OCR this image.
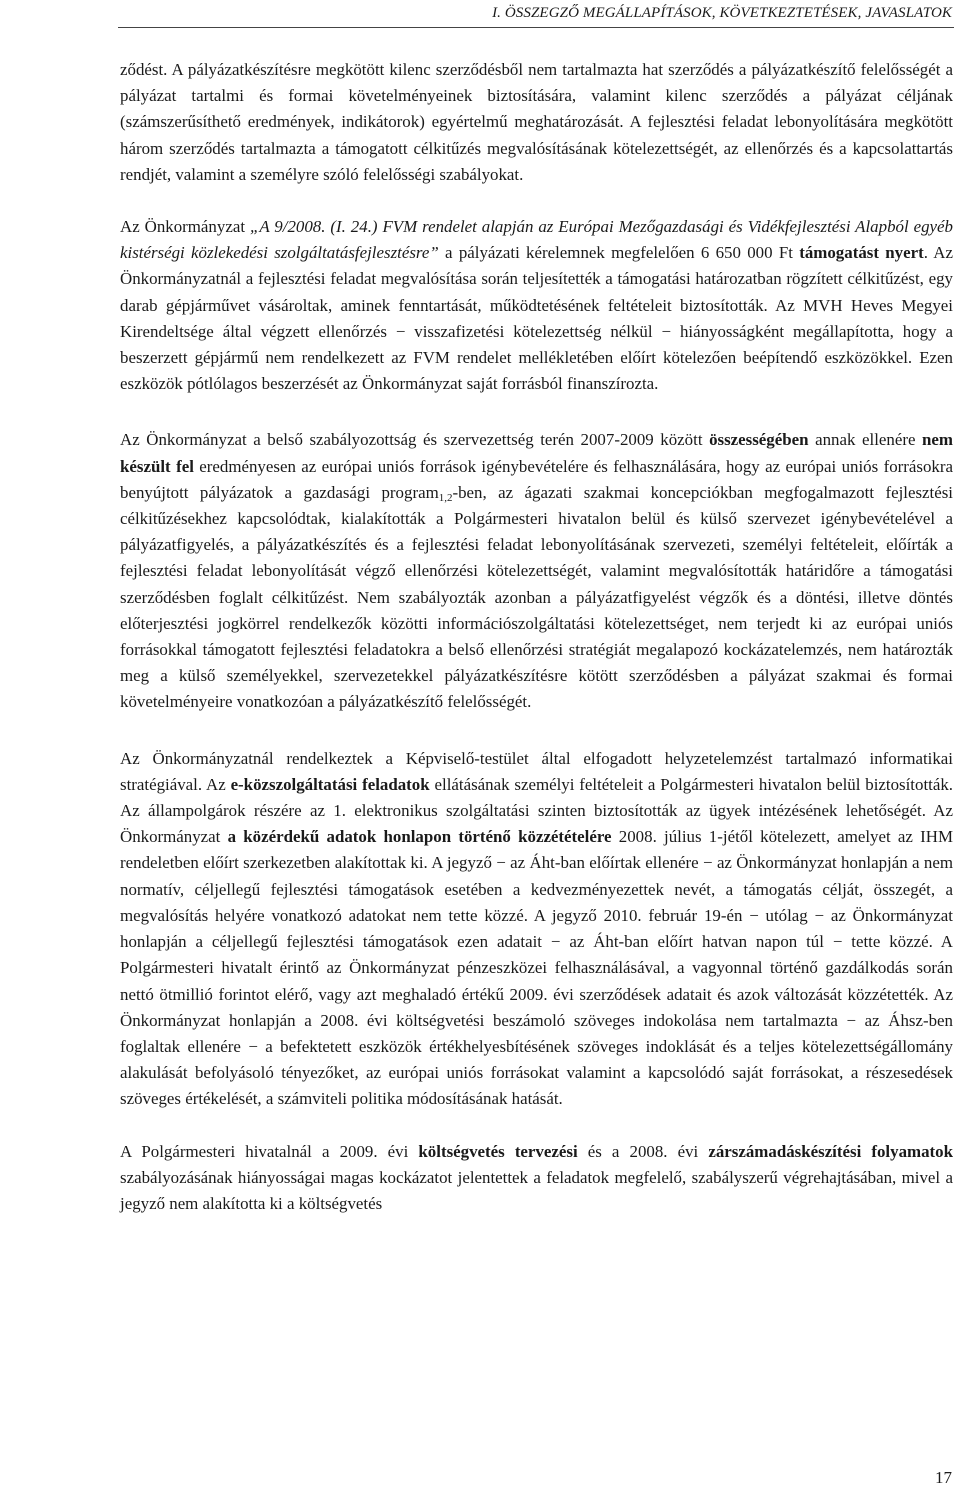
I. ÖSSZEGZŐ MEGÁLLAPÍTÁSOK, KÖVETKEZTETÉSEK, JAVASLATOK

ződést. A pályázatkészítésre megkötött kilenc szerződésből nem tartalmazta hat szerződés a pályázatkészítő felelősségét a pályázat tartalmi és formai követelményeinek biztosítására, valamint kilenc szerződés a pályázat céljának (számszerűsíthető eredmények, indikátorok) egyértelmű meghatározását. A fejlesztési feladat lebonyolítására megkötött három szerződés tartalmazta a támogatott célkitűzés megvalósításának kötelezettségét, az ellenőrzés és a kapcsolattartás rendjét, valamint a személyre szóló felelősségi szabályokat.

Az Önkormányzat „A 9/2008. (I. 24.) FVM rendelet alapján az Európai Mezőgazdasági és Vidékfejlesztési Alapból egyéb kistérségi közlekedési szolgáltatásfejlesztésre” a pályázati kérelemnek megfelelően 6 650 000 Ft támogatást nyert. Az Önkormányzatnál a fejlesztési feladat megvalósítása során teljesítették a támogatási határozatban rögzített célkitűzést, egy darab gépjárművet vásároltak, aminek fenntartását, működtetésének feltételeit biztosították. Az MVH Heves Megyei Kirendeltsége által végzett ellenőrzés − visszafizetési kötelezettség nélkül − hiányosságként megállapította, hogy a beszerzett gépjármű nem rendelkezett az FVM rendelet mellékletében előírt kötelezően beépítendő eszközökkel. Ezen eszközök pótlólagos beszerzését az Önkormányzat saját forrásból finanszírozta.

Az Önkormányzat a belső szabályozottság és szervezettség terén 2007-2009 között összességében annak ellenére nem készült fel eredményesen az európai uniós források igénybevételére és felhasználására, hogy az európai uniós forrásokra benyújtott pályázatok a gazdasági program$_{1,2}$-ben, az ágazati szakmai koncepciókban megfogalmazott fejlesztési célkitűzésekhez kapcsolódtak, kialakították a Polgármesteri hivatalon belül és külső szervezet igénybevételével a pályázatfigyelés, a pályázatkészítés és a fejlesztési feladat lebonyolításának szervezeti, személyi feltételeit, előírták a fejlesztési feladat lebonyolítását végző ellenőrzési kötelezettségét, valamint megvalósították határidőre a támogatási szerződésben foglalt célkitűzést. Nem szabályozták azonban a pályázatfigyelést végzők és a döntési, illetve döntés előterjesztési jogkörrel rendelkezők közötti információszolgáltatási kötelezettséget, nem terjedt ki az európai uniós forrásokkal támogatott fejlesztési feladatokra a belső ellenőrzési stratégiát megalapozó kockázatelemzés, nem határozták meg a külső személyekkel, szervezetekkel pályázatkészítésre kötött szerződésben a pályázat szakmai és formai követelményeire vonatkozóan a pályázatkészítő felelősségét.

Az Önkormányzatnál rendelkeztek a Képviselő-testület által elfogadott helyzetelemzést tartalmazó informatikai stratégiával. Az e-közszolgáltatási feladatok ellátásának személyi feltételeit a Polgármesteri hivatalon belül biztosították. Az állampolgárok részére az 1. elektronikus szolgáltatási szinten biztosították az ügyek intézésének lehetőségét. Az Önkormányzat a közérdekű adatok honlapon történő közzétételére 2008. július 1-jétől kötelezett, amelyet az IHM rendeletben előírt szerkezetben alakítottak ki. A jegyző − az Áht-ban előírtak ellenére − az Önkormányzat honlapján a nem normatív, céljellegű fejlesztési támogatások esetében a kedvezményezettek nevét, a támogatás célját, összegét, a megvalósítás helyére vonatkozó adatokat nem tette közzé. A jegyző 2010. február 19-én − utólag − az Önkormányzat honlapján a céljellegű fejlesztési támogatások ezen adatait − az Áht-ban előírt hatvan napon túl − tette közzé. A Polgármesteri hivatalt érintő az Önkormányzat pénzeszközei felhasználásával, a vagyonnal történő gazdálkodás során nettó ötmillió forintot elérő, vagy azt meghaladó értékű 2009. évi szerződések adatait és azok változását közzétették. Az Önkormányzat honlapján a 2008. évi költségvetési beszámoló szöveges indokolása nem tartalmazta − az Áhsz-ben foglaltak ellenére − a befektetett eszközök értékhelyesbítésének szöveges indoklását és a teljes kötelezettségállomány alakulását befolyásoló tényezőket, az európai uniós forrásokat valamint a kapcsolódó saját forrásokat, a részesedések szöveges értékelését, a számviteli politika módosításának hatását.

A Polgármesteri hivatalnál a 2009. évi költségvetés tervezési és a 2008. évi zárszámadáskészítési folyamatok szabályozásának hiányosságai magas kockázatot jelentettek a feladatok megfelelő, szabályszerű végrehajtásában, mivel a jegyző nem alakította ki a költségvetés

17
